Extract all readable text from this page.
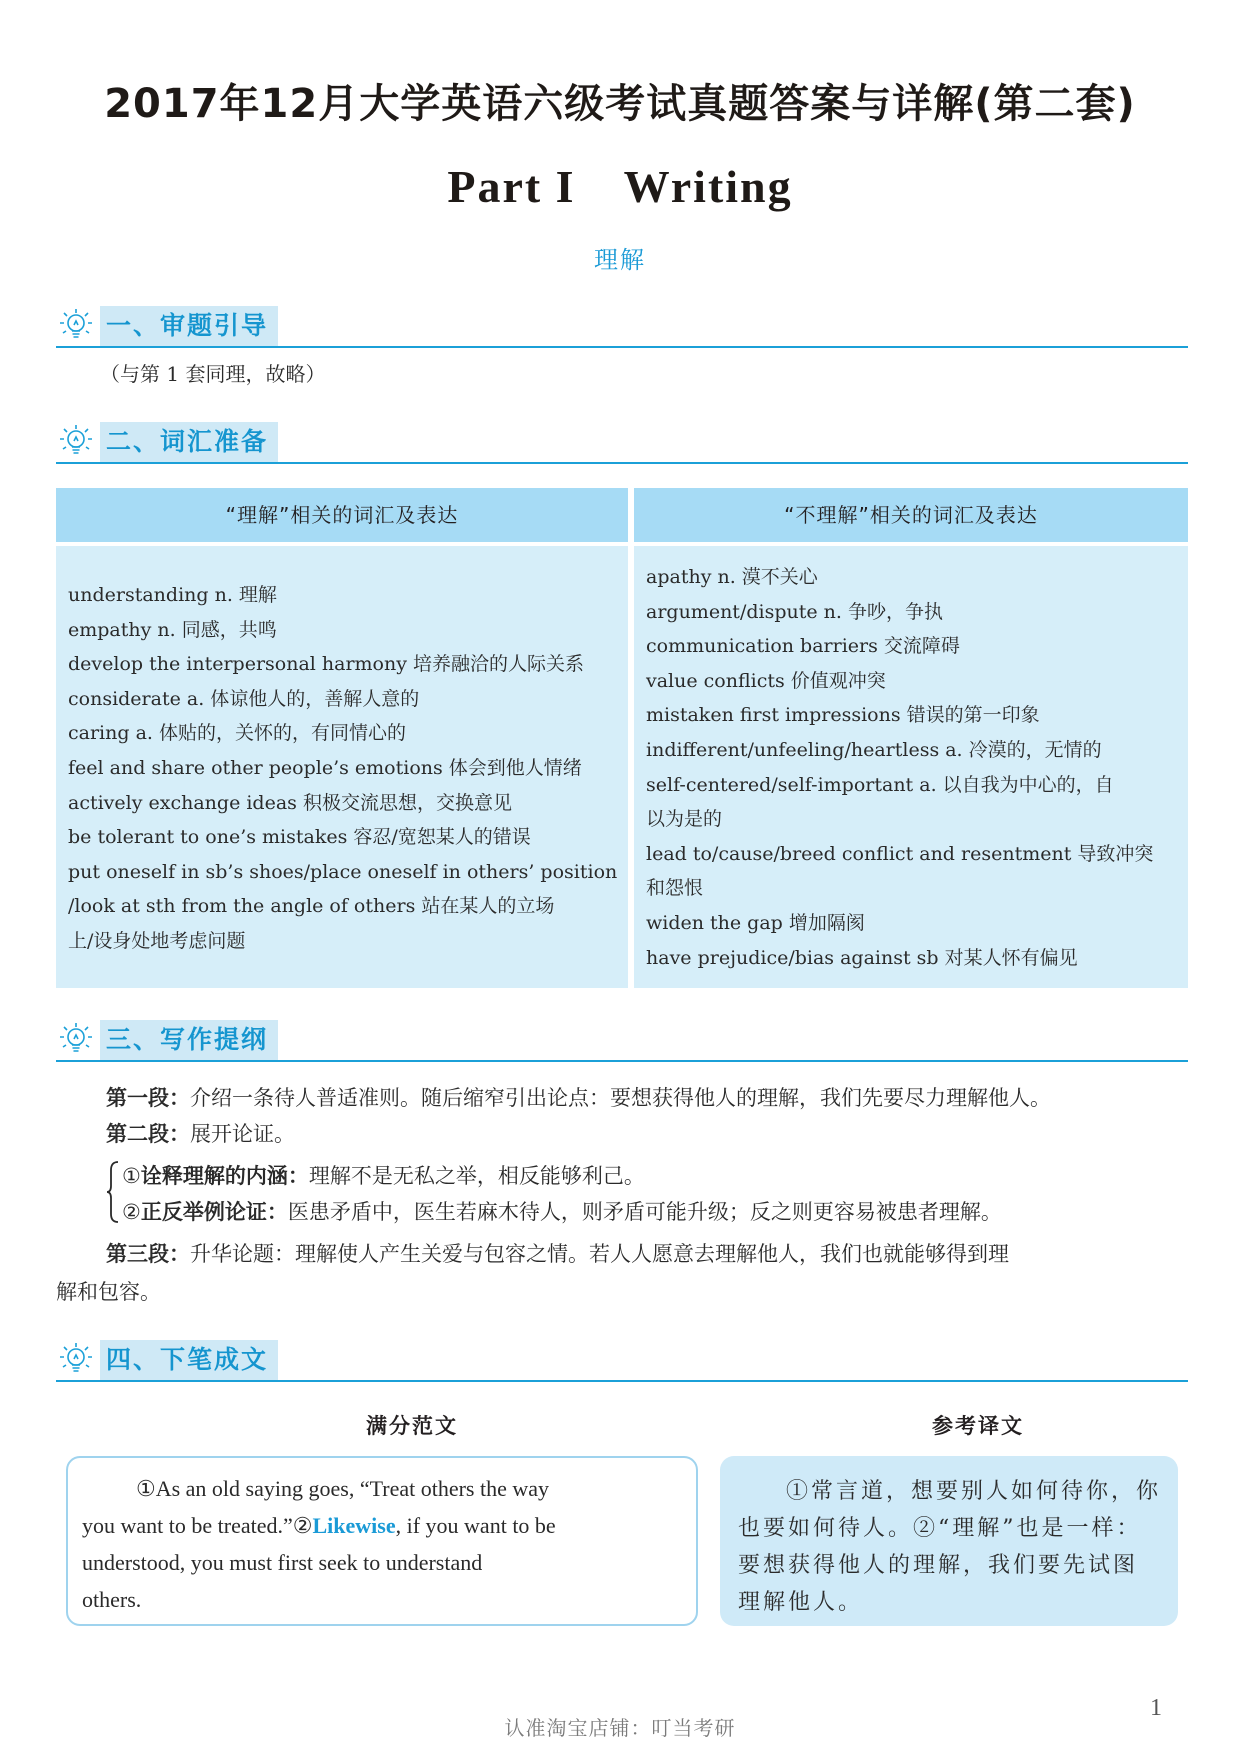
2017年12月大学英语六级考试真题答案与详解(第二套)
Part I　Writing
理解
一、审题引导
（与第 1 套同理，故略）
二、词汇准备
“理解”相关的词汇及表达	“不理解”相关的词汇及表达
understanding n. 理解
empathy n. 同感，共鸣
develop the interpersonal harmony 培养融洽的人际关系
considerate a. 体谅他人的，善解人意的
caring a. 体贴的，关怀的，有同情心的
feel and share other people’s emotions 体会到他人情绪
actively exchange ideas 积极交流思想，交换意见
be tolerant to one’s mistakes 容忍/宽恕某人的错误
put oneself in sb’s shoes/place oneself in others’ position
/look at sth from the angle of others 站在某人的立场
上/设身处地考虑问题
apathy n. 漠不关心
argument/dispute n. 争吵，争执
communication barriers 交流障碍
value conflicts 价值观冲突
mistaken first impressions 错误的第一印象
indifferent/unfeeling/heartless a. 冷漠的，无情的
self-centered/self-important a. 以自我为中心的，自
以为是的
lead to/cause/breed conflict and resentment 导致冲突
和怨恨
widen the gap 增加隔阂
have prejudice/bias against sb 对某人怀有偏见
三、写作提纲
第一段：介绍一条待人普适准则。随后缩窄引出论点：要想获得他人的理解，我们先要尽力理解他人。
第二段：展开论证。
①诠释理解的内涵：理解不是无私之举，相反能够利己。
②正反举例论证：医患矛盾中，医生若麻木待人，则矛盾可能升级；反之则更容易被患者理解。
第三段：升华论题：理解使人产生关爱与包容之情。若人人愿意去理解他人，我们也就能够得到理
解和包容。
四、下笔成文
满分范文	参考译文
①As an old saying goes, “Treat others the way
you want to be treated.”②Likewise, if you want to be
understood, you must first seek to understand
others.
①常言道，想要别人如何待你，你
也要如何待人。②“理解”也是一样：
要想获得他人的理解，我们要先试图
理解他人。
认准淘宝店铺：叮当考研
1
